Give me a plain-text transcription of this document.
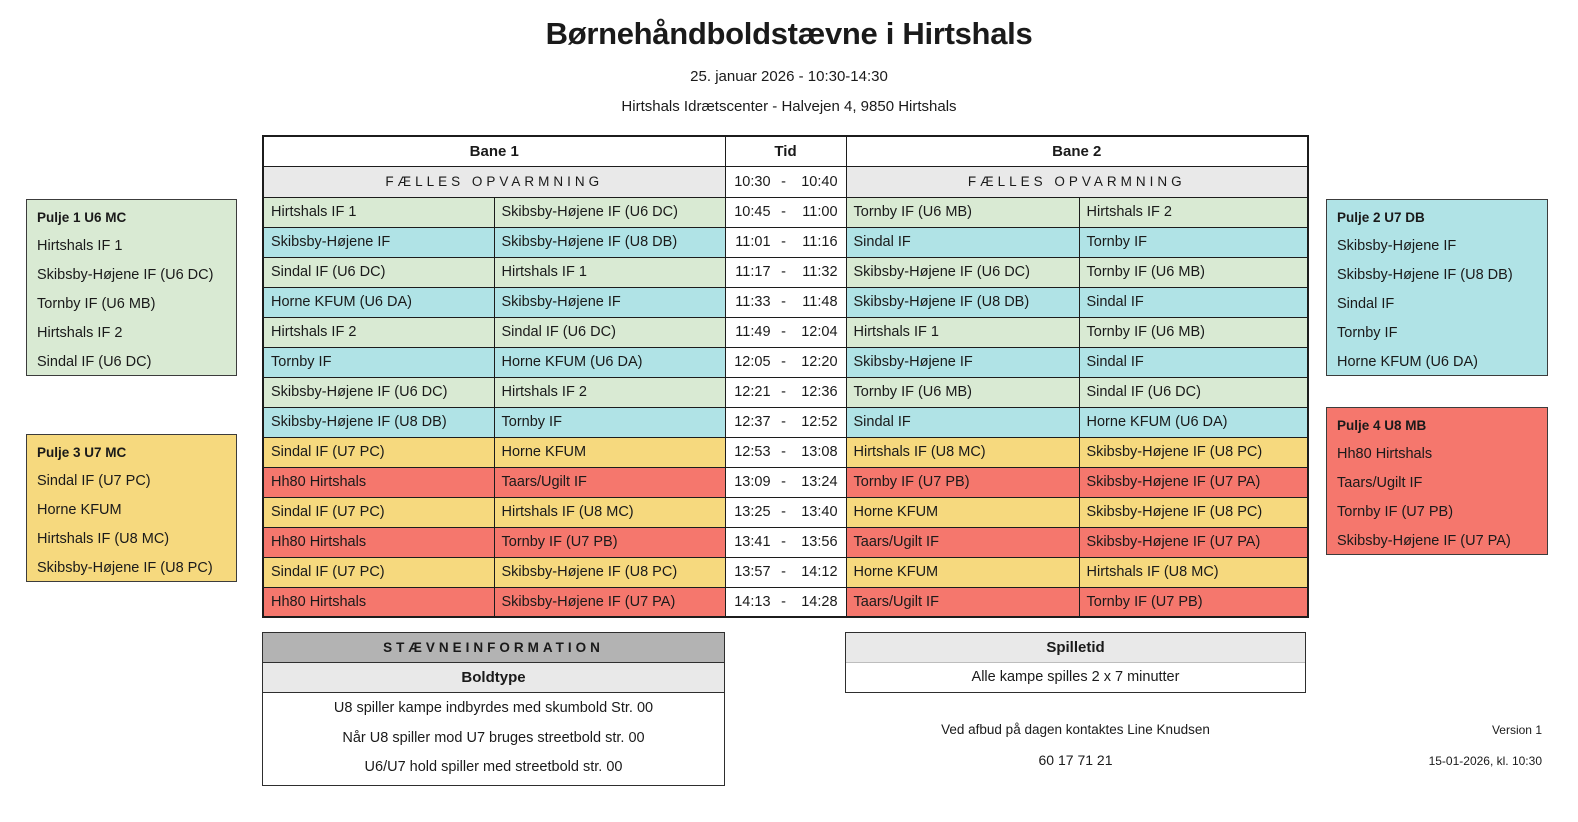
Børnehåndboldstævne i Hirtshals
25. januar 2026 - 10:30-14:30
Hirtshals Idrætscenter - Halvejen 4, 9850 Hirtshals
Bane 1		Tid	Bane 2	
FÆLLES OPVARMNING		10:30 - 10:40	FÆLLES OPVARMNING	
Hirtshals IF 1	Skibsby-Højene IF (U6 DC)	10:45 - 11:00	Tornby IF (U6 MB)	Hirtshals IF 2
Skibsby-Højene IF	Skibsby-Højene IF (U8 DB)	11:01 - 11:16	Sindal IF	Tornby IF
Sindal IF (U6 DC)	Hirtshals IF 1	11:17 - 11:32	Skibsby-Højene IF (U6 DC)	Tornby IF (U6 MB)
Horne KFUM (U6 DA)	Skibsby-Højene IF	11:33 - 11:48	Skibsby-Højene IF (U8 DB)	Sindal IF
Hirtshals IF 2	Sindal IF (U6 DC)	11:49 - 12:04	Hirtshals IF 1	Tornby IF (U6 MB)
Tornby IF	Horne KFUM (U6 DA)	12:05 - 12:20	Skibsby-Højene IF	Sindal IF
Skibsby-Højene IF (U6 DC)	Hirtshals IF 2	12:21 - 12:36	Tornby IF (U6 MB)	Sindal IF (U6 DC)
Skibsby-Højene IF (U8 DB)	Tornby IF	12:37 - 12:52	Sindal IF	Horne KFUM (U6 DA)
Sindal IF (U7 PC)	Horne KFUM	12:53 - 13:08	Hirtshals IF (U8 MC)	Skibsby-Højene IF (U8 PC)
Hh80 Hirtshals	Taars/Ugilt IF	13:09 - 13:24	Tornby IF (U7 PB)	Skibsby-Højene IF (U7 PA)
Sindal IF (U7 PC)	Hirtshals IF (U8 MC)	13:25 - 13:40	Horne KFUM	Skibsby-Højene IF (U8 PC)
Hh80 Hirtshals	Tornby IF (U7 PB)	13:41 - 13:56	Taars/Ugilt IF	Skibsby-Højene IF (U7 PA)
Sindal IF (U7 PC)	Skibsby-Højene IF (U8 PC)	13:57 - 14:12	Horne KFUM	Hirtshals IF (U8 MC)
Hh80 Hirtshals	Skibsby-Højene IF (U7 PA)	14:13 - 14:28	Taars/Ugilt IF	Tornby IF (U7 PB)
Pulje 1 U6 MC
Hirtshals IF 1
Skibsby-Højene IF (U6 DC)
Tornby IF (U6 MB)
Hirtshals IF 2
Sindal IF (U6 DC)
Pulje 2 U7 DB
Skibsby-Højene IF
Skibsby-Højene IF (U8 DB)
Sindal IF
Tornby IF
Horne KFUM (U6 DA)
Pulje 3 U7 MC
Sindal IF (U7 PC)
Horne KFUM
Hirtshals IF (U8 MC)
Skibsby-Højene IF (U8 PC)
Pulje 4 U8 MB
Hh80 Hirtshals
Taars/Ugilt IF
Tornby IF (U7 PB)
Skibsby-Højene IF (U7 PA)
STÆVNEINFORMATION
Boldtype
U8 spiller kampe indbyrdes med skumbold Str. 00
Når U8 spiller mod U7 bruges streetbold str. 00
U6/U7 hold spiller med streetbold str. 00
Spilletid
Alle kampe spilles 2 x 7 minutter
Ved afbud på dagen kontaktes Line Knudsen
60 17 71 21
Version 1
15-01-2026, kl. 10:30
